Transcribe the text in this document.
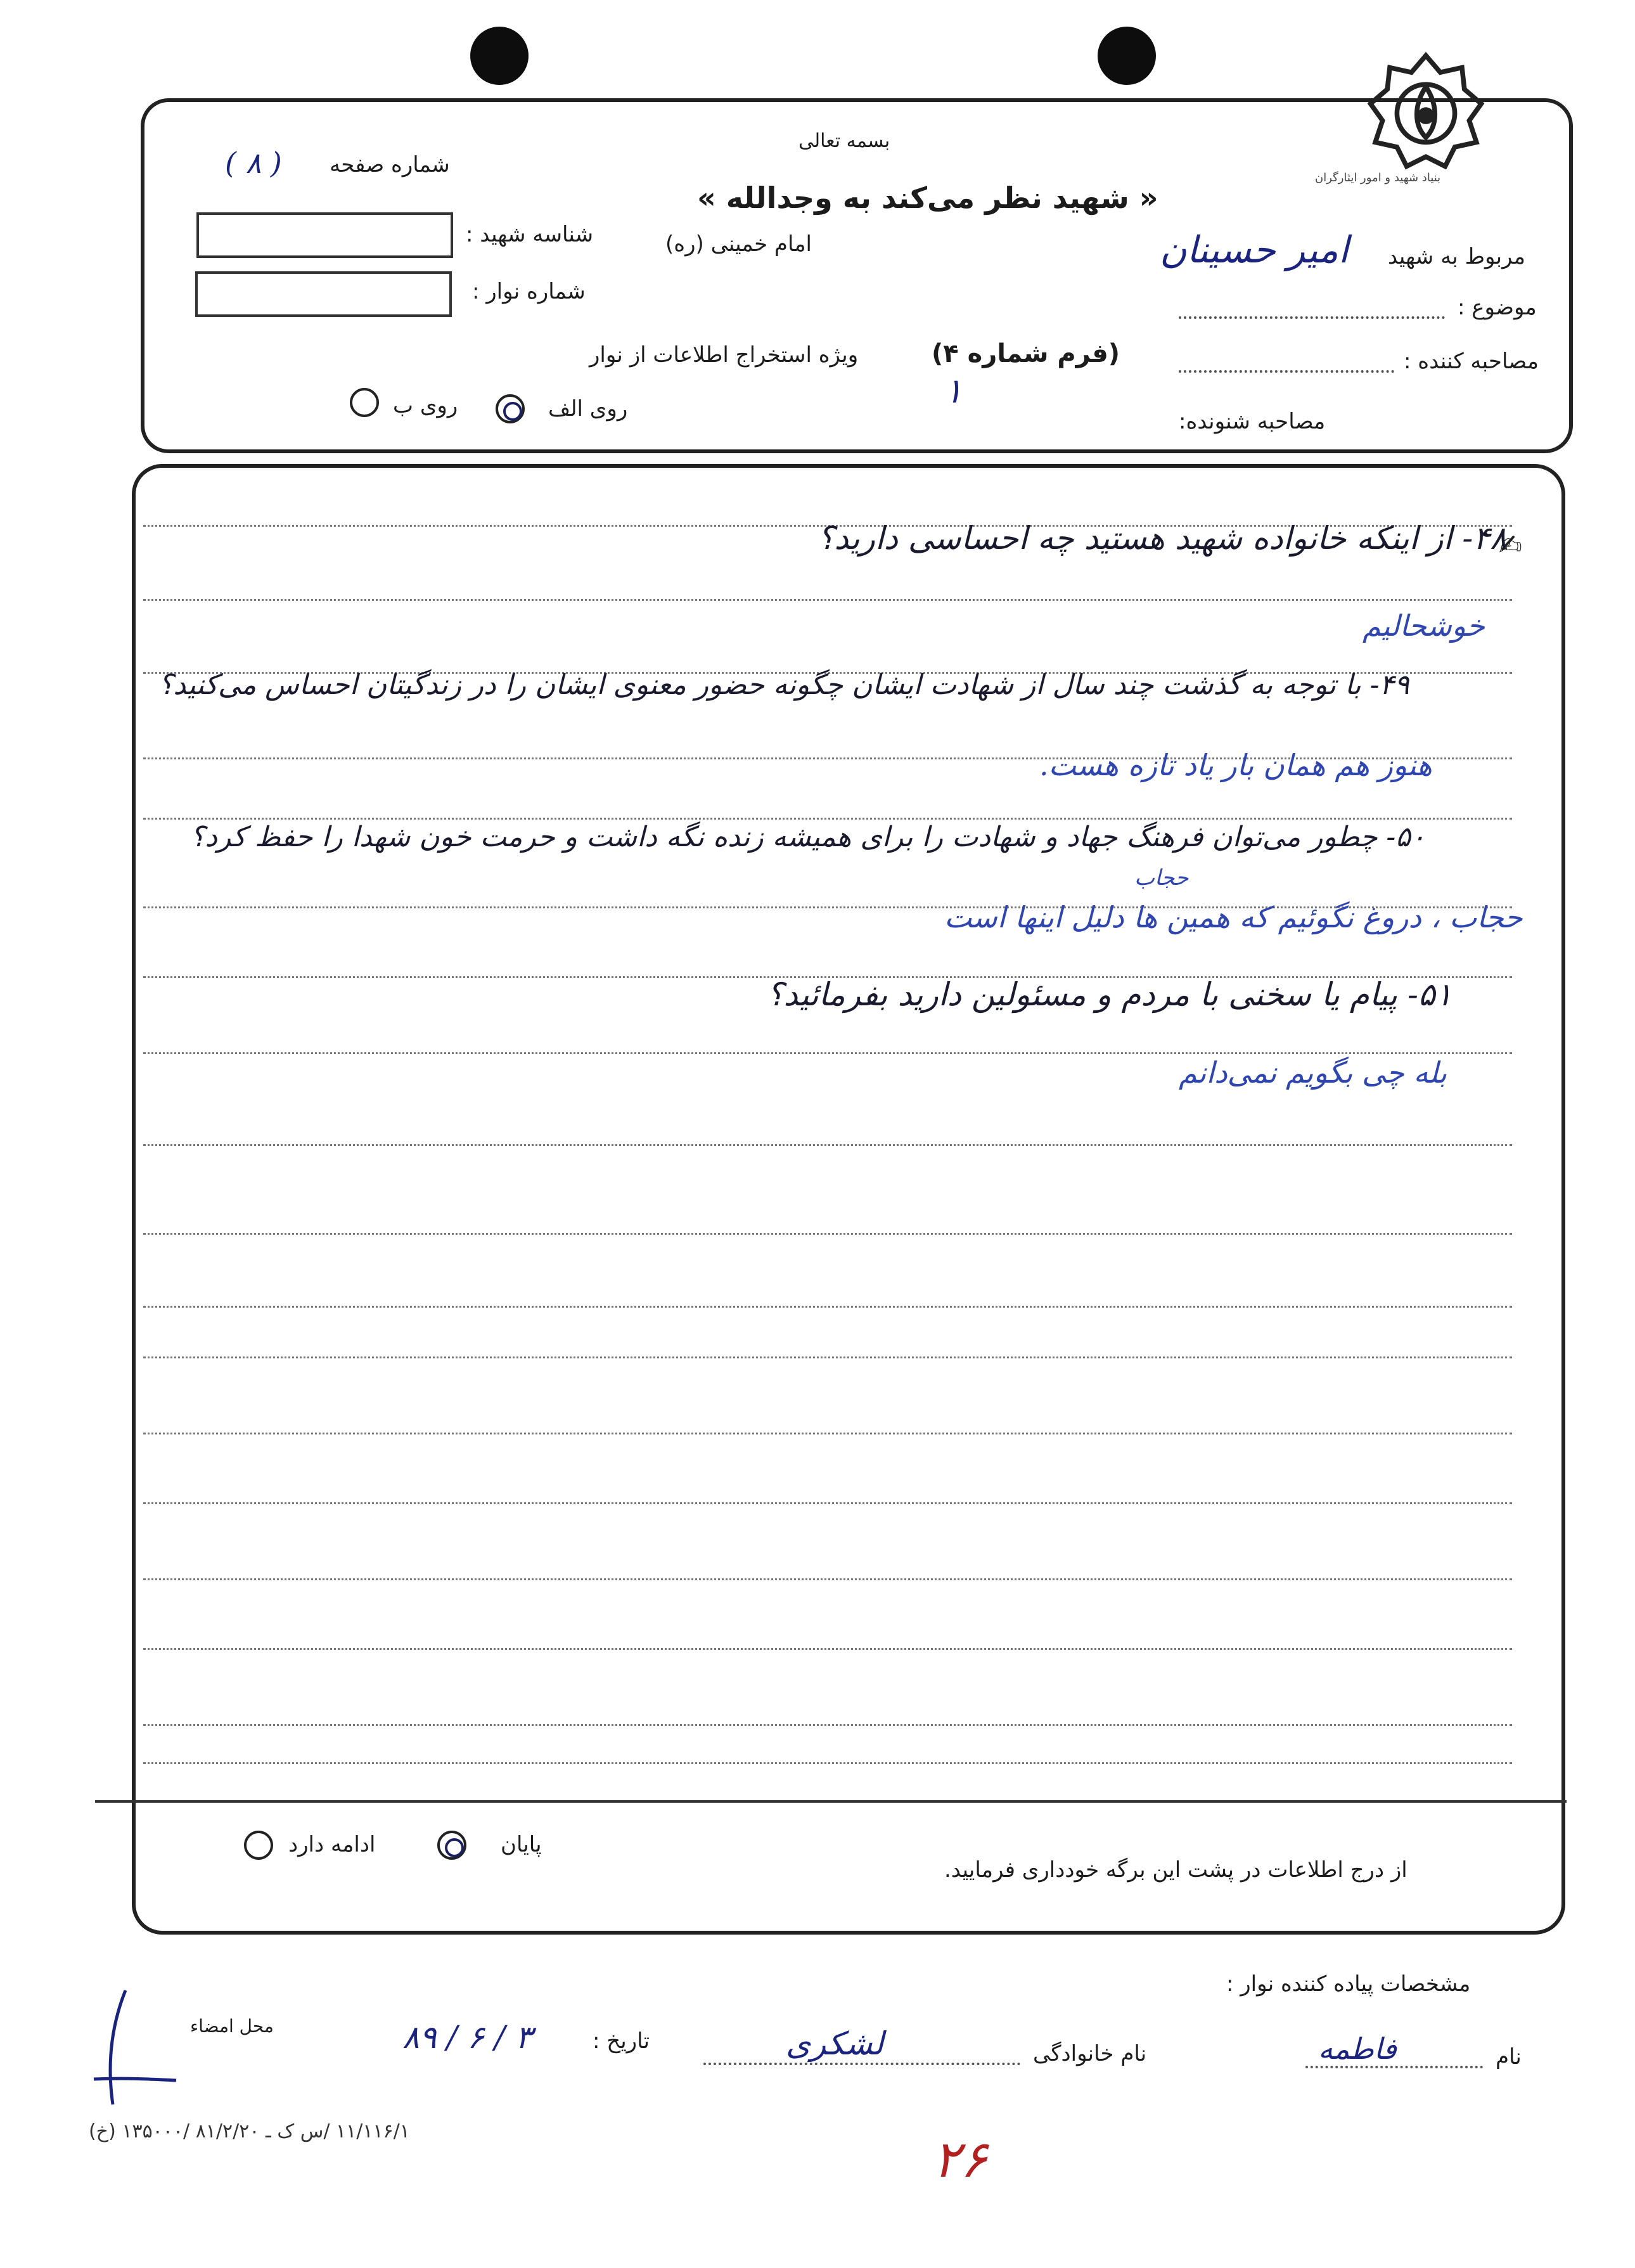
بنیاد شهید و امور ایثارگران
بسمه تعالی
« شهید نظر می‌کند به وجدالله »
امام خمینی (ره)
شماره صفحه
( ۸ )
شناسه شهید :
شماره نوار :
(فرم شماره ۴)
ویژه استخراج اطلاعات از نوار
۱
روی الف
روی ب
مربوط به شهید
امیر حسینان
موضوع :
مصاحبه کننده :
مصاحبه شنونده:
✍
۴۸- از اینکه خانواده شهید هستید چه احساسی دارید؟
خوشحالیم
۴۹- با توجه به گذشت چند سال از شهادت ایشان چگونه حضور معنوی ایشان را در زندگیتان احساس می‌کنید؟
هنوز هم همان بار یاد تازه هست.
۵۰- چطور می‌توان فرهنگ جهاد و شهادت را برای همیشه زنده نگه داشت و حرمت خون شهدا را حفظ کرد؟
حجاب
حجاب ، دروغ نگوئیم که همین ها دلیل اینها است
۵۱- پیام یا سخنی با مردم و مسئولین دارید بفرمائید؟
بله چی بگویم نمی‌دانم
پایان
ادامه دارد
از درج اطلاعات در پشت این برگه خودداری فرمایید.
مشخصات پیاده کننده نوار :
نام
فاطمه
نام خانوادگی
لشکری
تاریخ :
۸۹ / ۶ / ۳
محل امضاء
(خ) ۱۱/۱۱۶/۱ /س ک ـ ۸۱/۲/۲۰ /۱۳۵۰۰۰	۲۶
